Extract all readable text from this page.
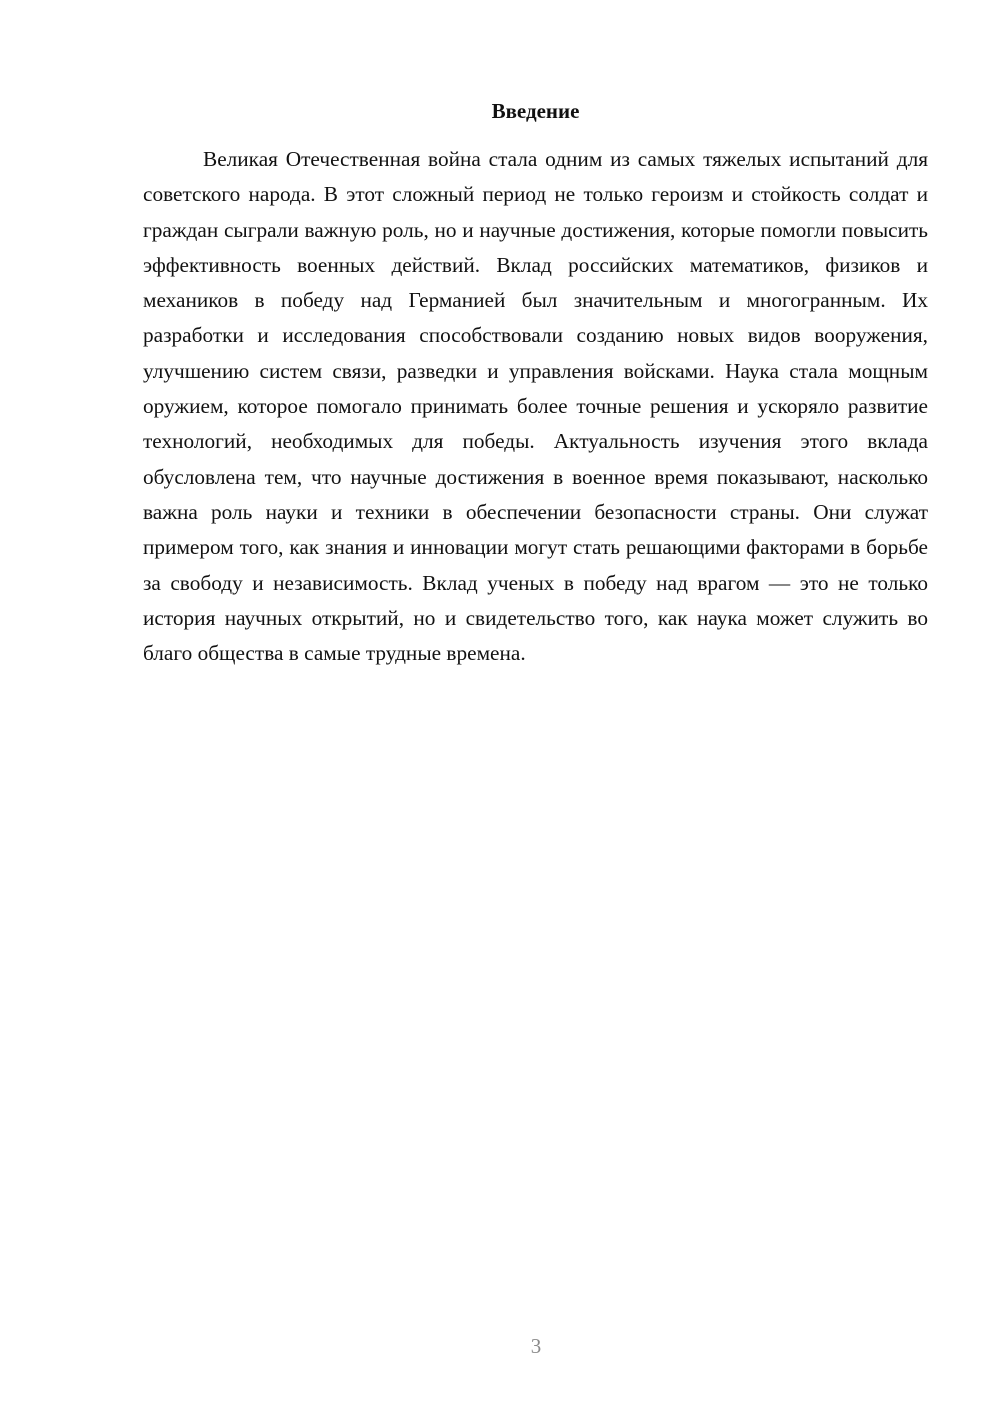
Введение

Великая Отечественная война стала одним из самых тяжелых испытаний для советского народа. В этот сложный период не только героизм и стойкость солдат и граждан сыграли важную роль, но и научные достижения, которые помогли повысить эффективность военных действий. Вклад российских математиков, физиков и механиков в победу над Германией был значительным и многогранным. Их разработки и исследования способствовали созданию новых видов вооружения, улучшению систем связи, разведки и управления войсками. Наука стала мощным оружием, которое помогало принимать более точные решения и ускоряло развитие технологий, необходимых для победы. Актуальность изучения этого вклада обусловлена тем, что научные достижения в военное время показывают, насколько важна роль науки и техники в обеспечении безопасности страны. Они служат примером того, как знания и инновации могут стать решающими факторами в борьбе за свободу и независимость. Вклад ученых в победу над врагом — это не только история научных открытий, но и свидетельство того, как наука может служить во благо общества в самые трудные времена.

3
